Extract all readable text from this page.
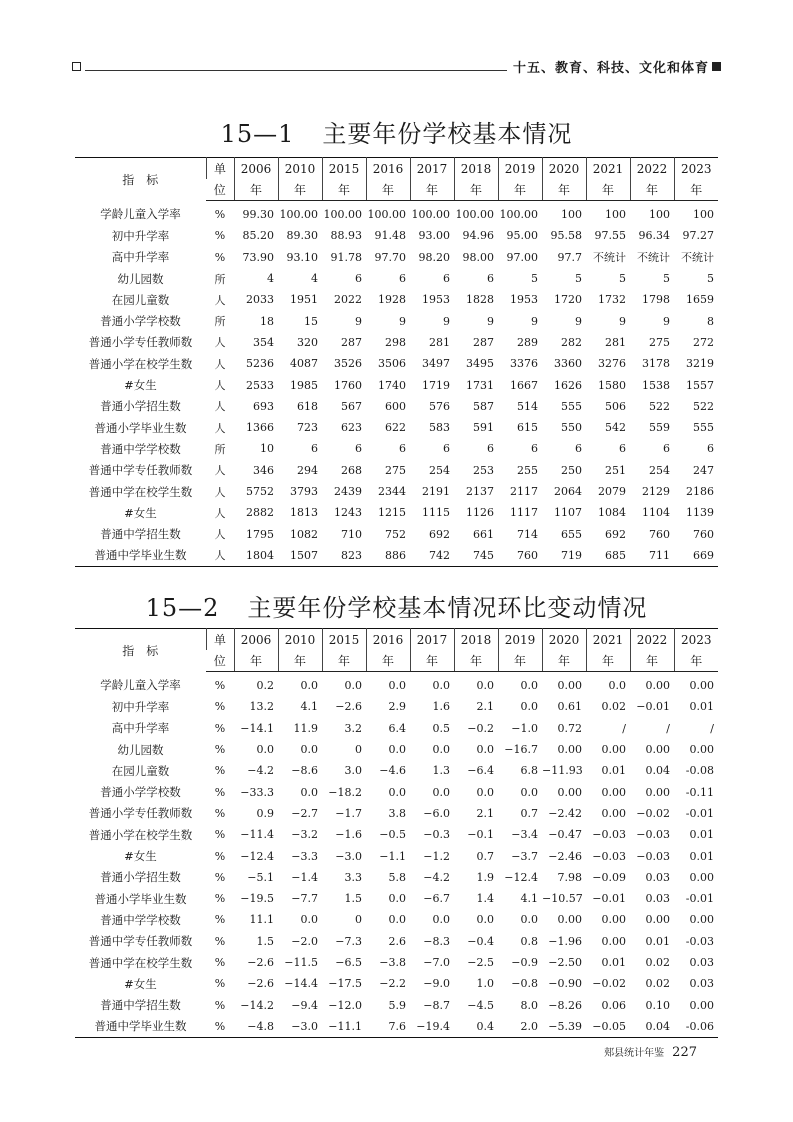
十五、教育、科技、文化和体育
15—1 主要年份学校基本情况
指　标	单	2006	2010	2015	2016	2017	2018	2019	2020	2021	2022	2023
	位	年	年	年	年	年	年	年	年	年	年	年
学龄儿童入学率	%	99.30	100.00	100.00	100.00	100.00	100.00	100.00	100	100	100	100
初中升学率	%	85.20	89.30	88.93	91.48	93.00	94.96	95.00	95.58	97.55	96.34	97.27
高中升学率	%	73.90	93.10	91.78	97.70	98.20	98.00	97.00	97.7	不统计	不统计	不统计
幼儿园数	所	4	4	6	6	6	6	5	5	5	5	5
在园儿童数	人	2033	1951	2022	1928	1953	1828	1953	1720	1732	1798	1659
普通小学学校数	所	18	15	9	9	9	9	9	9	9	9	8
普通小学专任教师数	人	354	320	287	298	281	287	289	282	281	275	272
普通小学在校学生数	人	5236	4087	3526	3506	3497	3495	3376	3360	3276	3178	3219
#女生	人	2533	1985	1760	1740	1719	1731	1667	1626	1580	1538	1557
普通小学招生数	人	693	618	567	600	576	587	514	555	506	522	522
普通小学毕业生数	人	1366	723	623	622	583	591	615	550	542	559	555
普通中学学校数	所	10	6	6	6	6	6	6	6	6	6	6
普通中学专任教师数	人	346	294	268	275	254	253	255	250	251	254	247
普通中学在校学生数	人	5752	3793	2439	2344	2191	2137	2117	2064	2079	2129	2186
#女生	人	2882	1813	1243	1215	1115	1126	1117	1107	1084	1104	1139
普通中学招生数	人	1795	1082	710	752	692	661	714	655	692	760	760
普通中学毕业生数	人	1804	1507	823	886	742	745	760	719	685	711	669
15—2 主要年份学校基本情况环比变动情况
指　标	单	2006	2010	2015	2016	2017	2018	2019	2020	2021	2022	2023
	位	年	年	年	年	年	年	年	年	年	年	年
学龄儿童入学率	%	0.2	0.0	0.0	0.0	0.0	0.0	0.0	0.00	0.0	0.00	0.00
初中升学率	%	13.2	4.1	−2.6	2.9	1.6	2.1	0.0	0.61	0.02	−0.01	0.01
高中升学率	%	−14.1	11.9	3.2	6.4	0.5	−0.2	−1.0	0.72	/	/	/
幼儿园数	%	0.0	0.0	0	0.0	0.0	0.0	−16.7	0.00	0.00	0.00	0.00
在园儿童数	%	−4.2	−8.6	3.0	−4.6	1.3	−6.4	6.8	−11.93	0.01	0.04	-0.08
普通小学学校数	%	−33.3	0.0	−18.2	0.0	0.0	0.0	0.0	0.00	0.00	0.00	-0.11
普通小学专任教师数	%	0.9	−2.7	−1.7	3.8	−6.0	2.1	0.7	−2.42	0.00	−0.02	-0.01
普通小学在校学生数	%	−11.4	−3.2	−1.6	−0.5	−0.3	−0.1	−3.4	−0.47	−0.03	−0.03	0.01
#女生	%	−12.4	−3.3	−3.0	−1.1	−1.2	0.7	−3.7	−2.46	−0.03	−0.03	0.01
普通小学招生数	%	−5.1	−1.4	3.3	5.8	−4.2	1.9	−12.4	7.98	−0.09	0.03	0.00
普通小学毕业生数	%	−19.5	−7.7	1.5	0.0	−6.7	1.4	4.1	−10.57	−0.01	0.03	-0.01
普通中学学校数	%	11.1	0.0	0	0.0	0.0	0.0	0.0	0.00	0.00	0.00	0.00
普通中学专任教师数	%	1.5	−2.0	−7.3	2.6	−8.3	−0.4	0.8	−1.96	0.00	0.01	-0.03
普通中学在校学生数	%	−2.6	−11.5	−6.5	−3.8	−7.0	−2.5	−0.9	−2.50	0.01	0.02	0.03
#女生	%	−2.6	−14.4	−17.5	−2.2	−9.0	1.0	−0.8	−0.90	−0.02	0.02	0.03
普通中学招生数	%	−14.2	−9.4	−12.0	5.9	−8.7	−4.5	8.0	−8.26	0.06	0.10	0.00
普通中学毕业生数	%	−4.8	−3.0	−11.1	7.6	−19.4	0.4	2.0	−5.39	−0.05	0.04	-0.06
郏县统计年鉴 227
